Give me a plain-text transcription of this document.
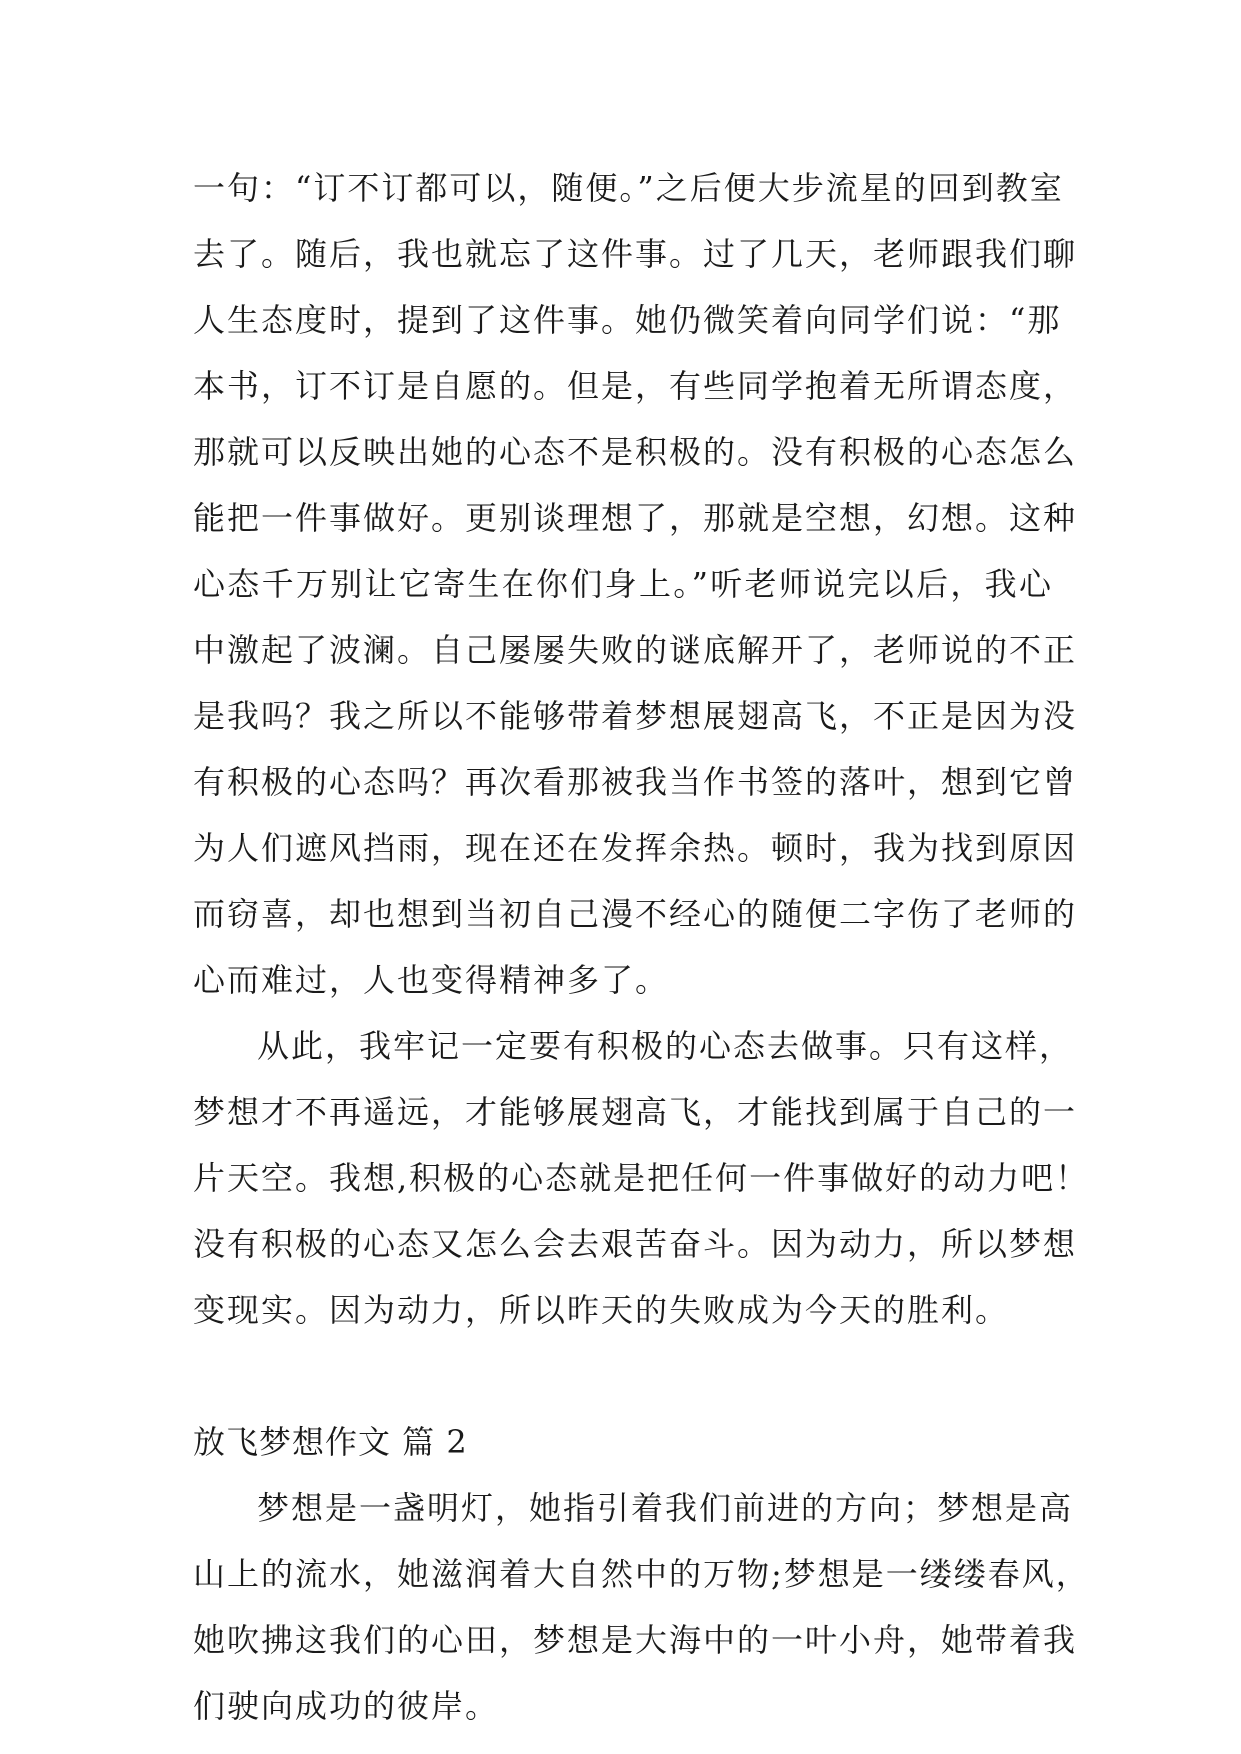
一句：“订不订都可以，随便。”之后便大步流星的回到教室
去了。随后，我也就忘了这件事。过了几天，老师跟我们聊
人生态度时，提到了这件事。她仍微笑着向同学们说：“那
本书，订不订是自愿的。但是，有些同学抱着无所谓态度，
那就可以反映出她的心态不是积极的。没有积极的心态怎么
能把一件事做好。更别谈理想了，那就是空想，幻想。这种
心态千万别让它寄生在你们身上。”听老师说完以后，我心
中激起了波澜。自己屡屡失败的谜底解开了，老师说的不正
是我吗？我之所以不能够带着梦想展翅高飞，不正是因为没
有积极的心态吗？再次看那被我当作书签的落叶，想到它曾
为人们遮风挡雨，现在还在发挥余热。顿时，我为找到原因
而窃喜，却也想到当初自己漫不经心的随便二字伤了老师的
心而难过，人也变得精神多了。
从此，我牢记一定要有积极的心态去做事。只有这样，
梦想才不再遥远，才能够展翅高飞，才能找到属于自己的一
片天空。我想,积极的心态就是把任何一件事做好的动力吧！
没有积极的心态又怎么会去艰苦奋斗。因为动力，所以梦想
变现实。因为动力，所以昨天的失败成为今天的胜利。
放飞梦想作文 篇 2
梦想是一盏明灯，她指引着我们前进的方向；梦想是高
山上的流水，她滋润着大自然中的万物;梦想是一缕缕春风，
她吹拂这我们的心田，梦想是大海中的一叶小舟，她带着我
们驶向成功的彼岸。
